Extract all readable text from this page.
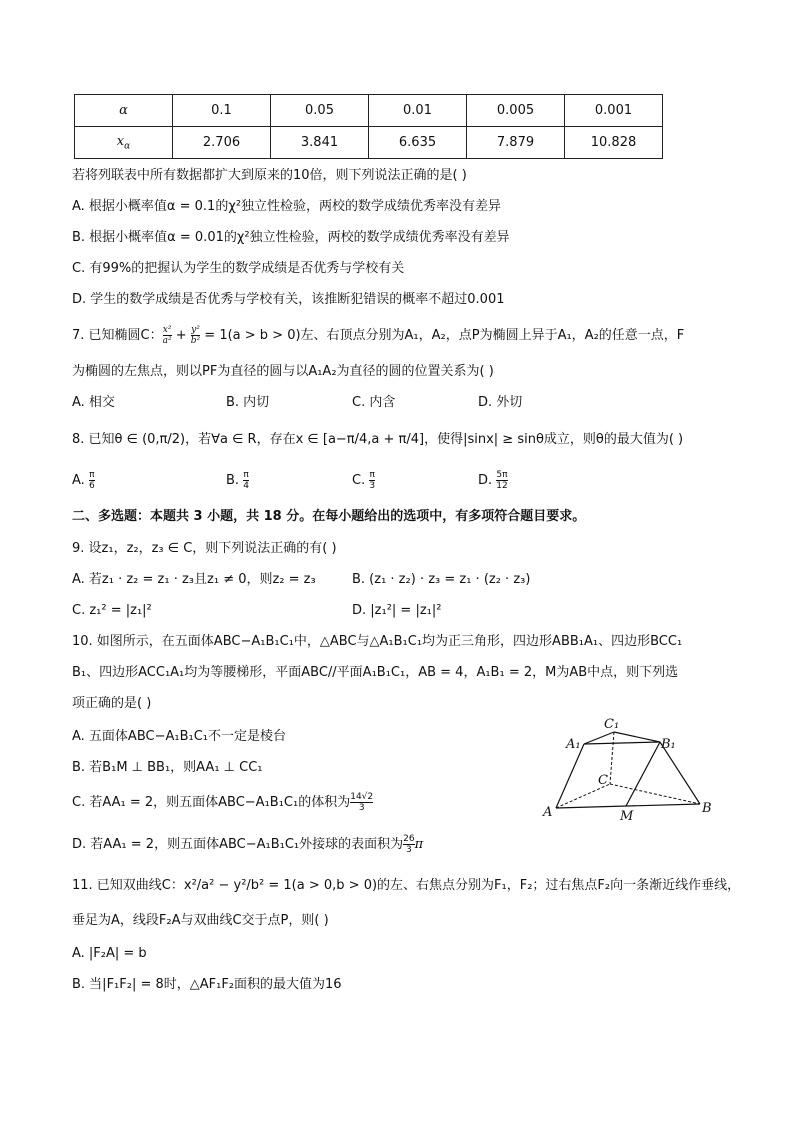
α	0.1	0.05	0.01	0.005	0.001
$x_\alpha$	2.706	3.841	6.635	7.879	10.828
若将列联表中所有数据都扩大到原来的10倍，则下列说法正确的是( )
A. 根据小概率值α = 0.1的χ²独立性检验，两校的数学成绩优秀率没有差异
B. 根据小概率值α = 0.01的χ²独立性检验，两校的数学成绩优秀率没有差异
C. 有99%的把握认为学生的数学成绩是否优秀与学校有关
D. 学生的数学成绩是否优秀与学校有关，该推断犯错误的概率不超过0.001
7. 已知椭圆C： $\frac{\text{x²}}{\text{a²}} + \frac{\text{y²}}{\text{b²}} = 1(a > b > 0)$左、右顶点分别为A₁，A₂，点P为椭圆上异于A₁，A₂的任意一点，F
为椭圆的左焦点，则以PF为直径的圆与以A₁A₂为直径的圆的位置关系为( )
A. 相交	B. 内切	C. 内含	D. 外切
8. 已知θ ∈ (0,π/2)，若∀a ∈ R，存在x ∈ [a−π/4,a + π/4]，使得|sinx| ≥ sinθ成立，则θ的最大值为( )
A. $\frac{\pi}{6}$	B. $\frac{\pi}{4}$	C. $\frac{\pi}{3}$	D. $\frac{5\pi}{12}$
二、多选题：本题共 3 小题，共 18 分。在每小题给出的选项中，有多项符合题目要求。
9. 设z₁，z₂，z₃ ∈ C，则下列说法正确的有( )
A. 若z₁ · z₂ = z₁ · z₃且z₁ ≠ 0，则z₂ = z₃	B. (z₁ · z₂) · z₃ = z₁ · (z₂ · z₃)
C. z₁² = |z₁|²	D. |z₁²| = |z₁|²
10. 如图所示，在五面体ABC−A₁B₁C₁中，△ABC与△A₁B₁C₁均为正三角形，四边形ABB₁A₁、四边形BCC₁
B₁、四边形ACC₁A₁均为等腰梯形，平面ABC//平面A₁B₁C₁，AB = 4，A₁B₁ = 2，M为AB中点，则下列选
项正确的是( )
A. 五面体ABC−A₁B₁C₁不一定是棱台
B. 若B₁M ⊥ BB₁，则AA₁ ⊥ CC₁
C. 若AA₁ = 2，则五面体ABC−A₁B₁C₁的体积为 $\frac{14√2}{3}$
D. 若AA₁ = 2，则五面体ABC−A₁B₁C₁外接球的表面积为 $\frac{26}{3}$ π
C₁
A₁	B₁
C
A	M
B
11. 已知双曲线C：x²/a² − y²/b² = 1(a > 0,b > 0)的左、右焦点分别为F₁，F₂；过右焦点F₂向一条渐近线作垂线，
垂足为A，线段F₂A与双曲线C交于点P，则( )
A. |F₂A| = b
B. 当|F₁F₂| = 8时，△AF₁F₂面积的最大值为16
